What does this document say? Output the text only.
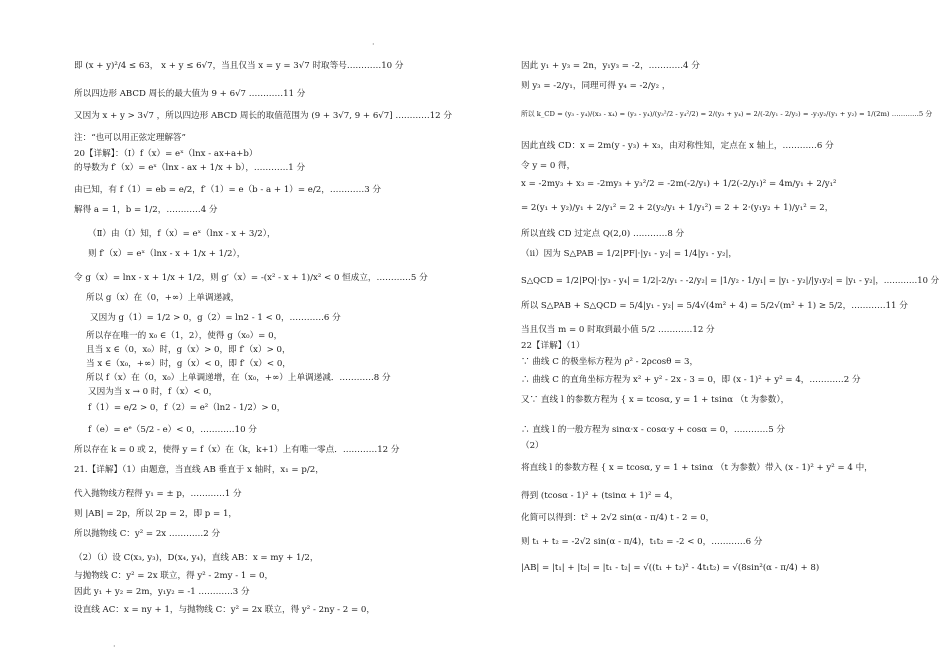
·
·
即 (x + y)²/4 ≤ 63， x + y ≤ 6√7，当且仅当 x = y = 3√7 时取等号…………10 分
所以四边形 ABCD 周长的最大值为 9 + 6√7 …………11 分
又因为 x + y > 3√7 ，所以四边形 ABCD 周长的取值范围为 (9 + 3√7, 9 + 6√7] …………12 分
注：“也可以用正弦定理解答”
20【详解】：（Ⅰ）f（x）= eˣ（lnx - ax+a+b）
的导数为 f′（x）= eˣ（lnx - ax + 1/x + b），…………1 分
由已知，有 f（1）= eb = e/2，f′（1）= e（b - a + 1）= e/2，…………3 分
解得 a = 1，b = 1/2，…………4 分
（Ⅱ）由（Ⅰ）知，f（x）= eˣ（lnx - x + 3/2），
则 f′（x）= eˣ（lnx - x + 1/x + 1/2），
令 g（x）= lnx - x + 1/x + 1/2，则 g′（x）= -(x² - x + 1)/x² < 0 恒成立，…………5 分
所以 g（x）在（0，+∞）上单调递减，
又因为 g（1）= 1/2 > 0，g（2）= ln2 - 1 < 0，…………6 分
所以存在唯一的 x₀ ∈（1，2），使得 g（x₀）= 0，
且当 x ∈（0，x₀）时，g（x）> 0，即 f′（x）> 0，
当 x ∈（x₀，+∞）时，g（x）< 0，即 f′（x）< 0，
所以 f（x）在（0，x₀）上单调递增，在（x₀，+∞）上单调递减．…………8 分
又因为当 x → 0 时，f（x）< 0，
f（1）= e/2 > 0，f（2）= e²（ln2 - 1/2）> 0，
f（e）= eᵉ（5/2 - e）< 0，…………10 分
所以存在 k = 0 或 2，使得 y = f（x）在（k，k+1）上有唯一零点．…………12 分
21.【详解】（1）由题意，当直线 AB 垂直于 x 轴时，x₁ = p/2，
代入抛物线方程得 y₁ = ± p，…………1 分
则 |AB| = 2p，所以 2p = 2，即 p = 1，
所以抛物线 C：y² = 2x …………2 分
（2）（i）设 C(x₃, y₃)，D(x₄, y₄)，直线 AB：x = my + 1/2，
与抛物线 C：y² = 2x 联立，得 y² - 2my - 1 = 0，
因此 y₁ + y₂ = 2m，y₁y₂ = -1 …………3 分
设直线 AC：x = ny + 1，与抛物线 C：y² = 2x 联立，得 y² - 2ny - 2 = 0，
因此 y₁ + y₃ = 2n，y₁y₃ = -2，…………4 分
则 y₃ = -2/y₁，同理可得 y₄ = -2/y₂ ，
所以 k_CD = (y₃ - y₄)/(x₃ - x₄) = (y₃ - y₄)/(y₃²/2 - y₄²/2) = 2/(y₃ + y₄) = 2/(-2/y₁ - 2/y₂) = -y₁y₂/(y₁ + y₂) = 1/(2m) …………5 分
因此直线 CD：x = 2m(y - y₃) + x₃，由对称性知，定点在 x 轴上，…………6 分
令 y = 0 得，
x = -2my₃ + x₃ = -2my₃ + y₃²/2 = -2m(-2/y₁) + 1/2(-2/y₁)² = 4m/y₁ + 2/y₁²
= 2(y₁ + y₂)/y₁ + 2/y₁² = 2 + 2(y₂/y₁ + 1/y₁²) = 2 + 2·(y₁y₂ + 1)/y₁² = 2，
所以直线 CD 过定点 Q(2,0) …………8 分
（ii）因为 S△PAB = 1/2|PF|·|y₁ - y₂| = 1/4|y₁ - y₂|，
S△QCD = 1/2|PQ|·|y₃ - y₄| = 1/2|-2/y₁ - -2/y₂| = |1/y₂ - 1/y₁| = |y₁ - y₂|/|y₁y₂| = |y₁ - y₂|，…………10 分
所以 S△PAB + S△QCD = 5/4|y₁ - y₂| = 5/4√(4m² + 4) = 5/2√(m² + 1) ≥ 5/2，…………11 分
当且仅当 m = 0 时取到最小值 5/2 …………12 分
22【详解】（1）
∵ 曲线 C 的极坐标方程为 ρ² - 2ρcosθ = 3，
∴ 曲线 C 的直角坐标方程为 x² + y² - 2x - 3 = 0，即 (x - 1)² + y² = 4，…………2 分
又∵ 直线 l 的参数方程为 { x = tcosα, y = 1 + tsinα （t 为参数），
∴ 直线 l 的一般方程为 sinα·x - cosα·y + cosα = 0，…………5 分
（2）
将直线 l 的参数方程 { x = tcosα, y = 1 + tsinα （t 为参数）带入 (x - 1)² + y² = 4 中，
得到 (tcosα - 1)² + (tsinα + 1)² = 4，
化简可以得到：t² + 2√2 sin(α - π/4) t - 2 = 0，
则 t₁ + t₂ = -2√2 sin(α - π/4)，t₁t₂ = -2 < 0，…………6 分
|AB| = |t₁| + |t₂| = |t₁ - t₂| = √((t₁ + t₂)² - 4t₁t₂) = √(8sin²(α - π/4) + 8)
